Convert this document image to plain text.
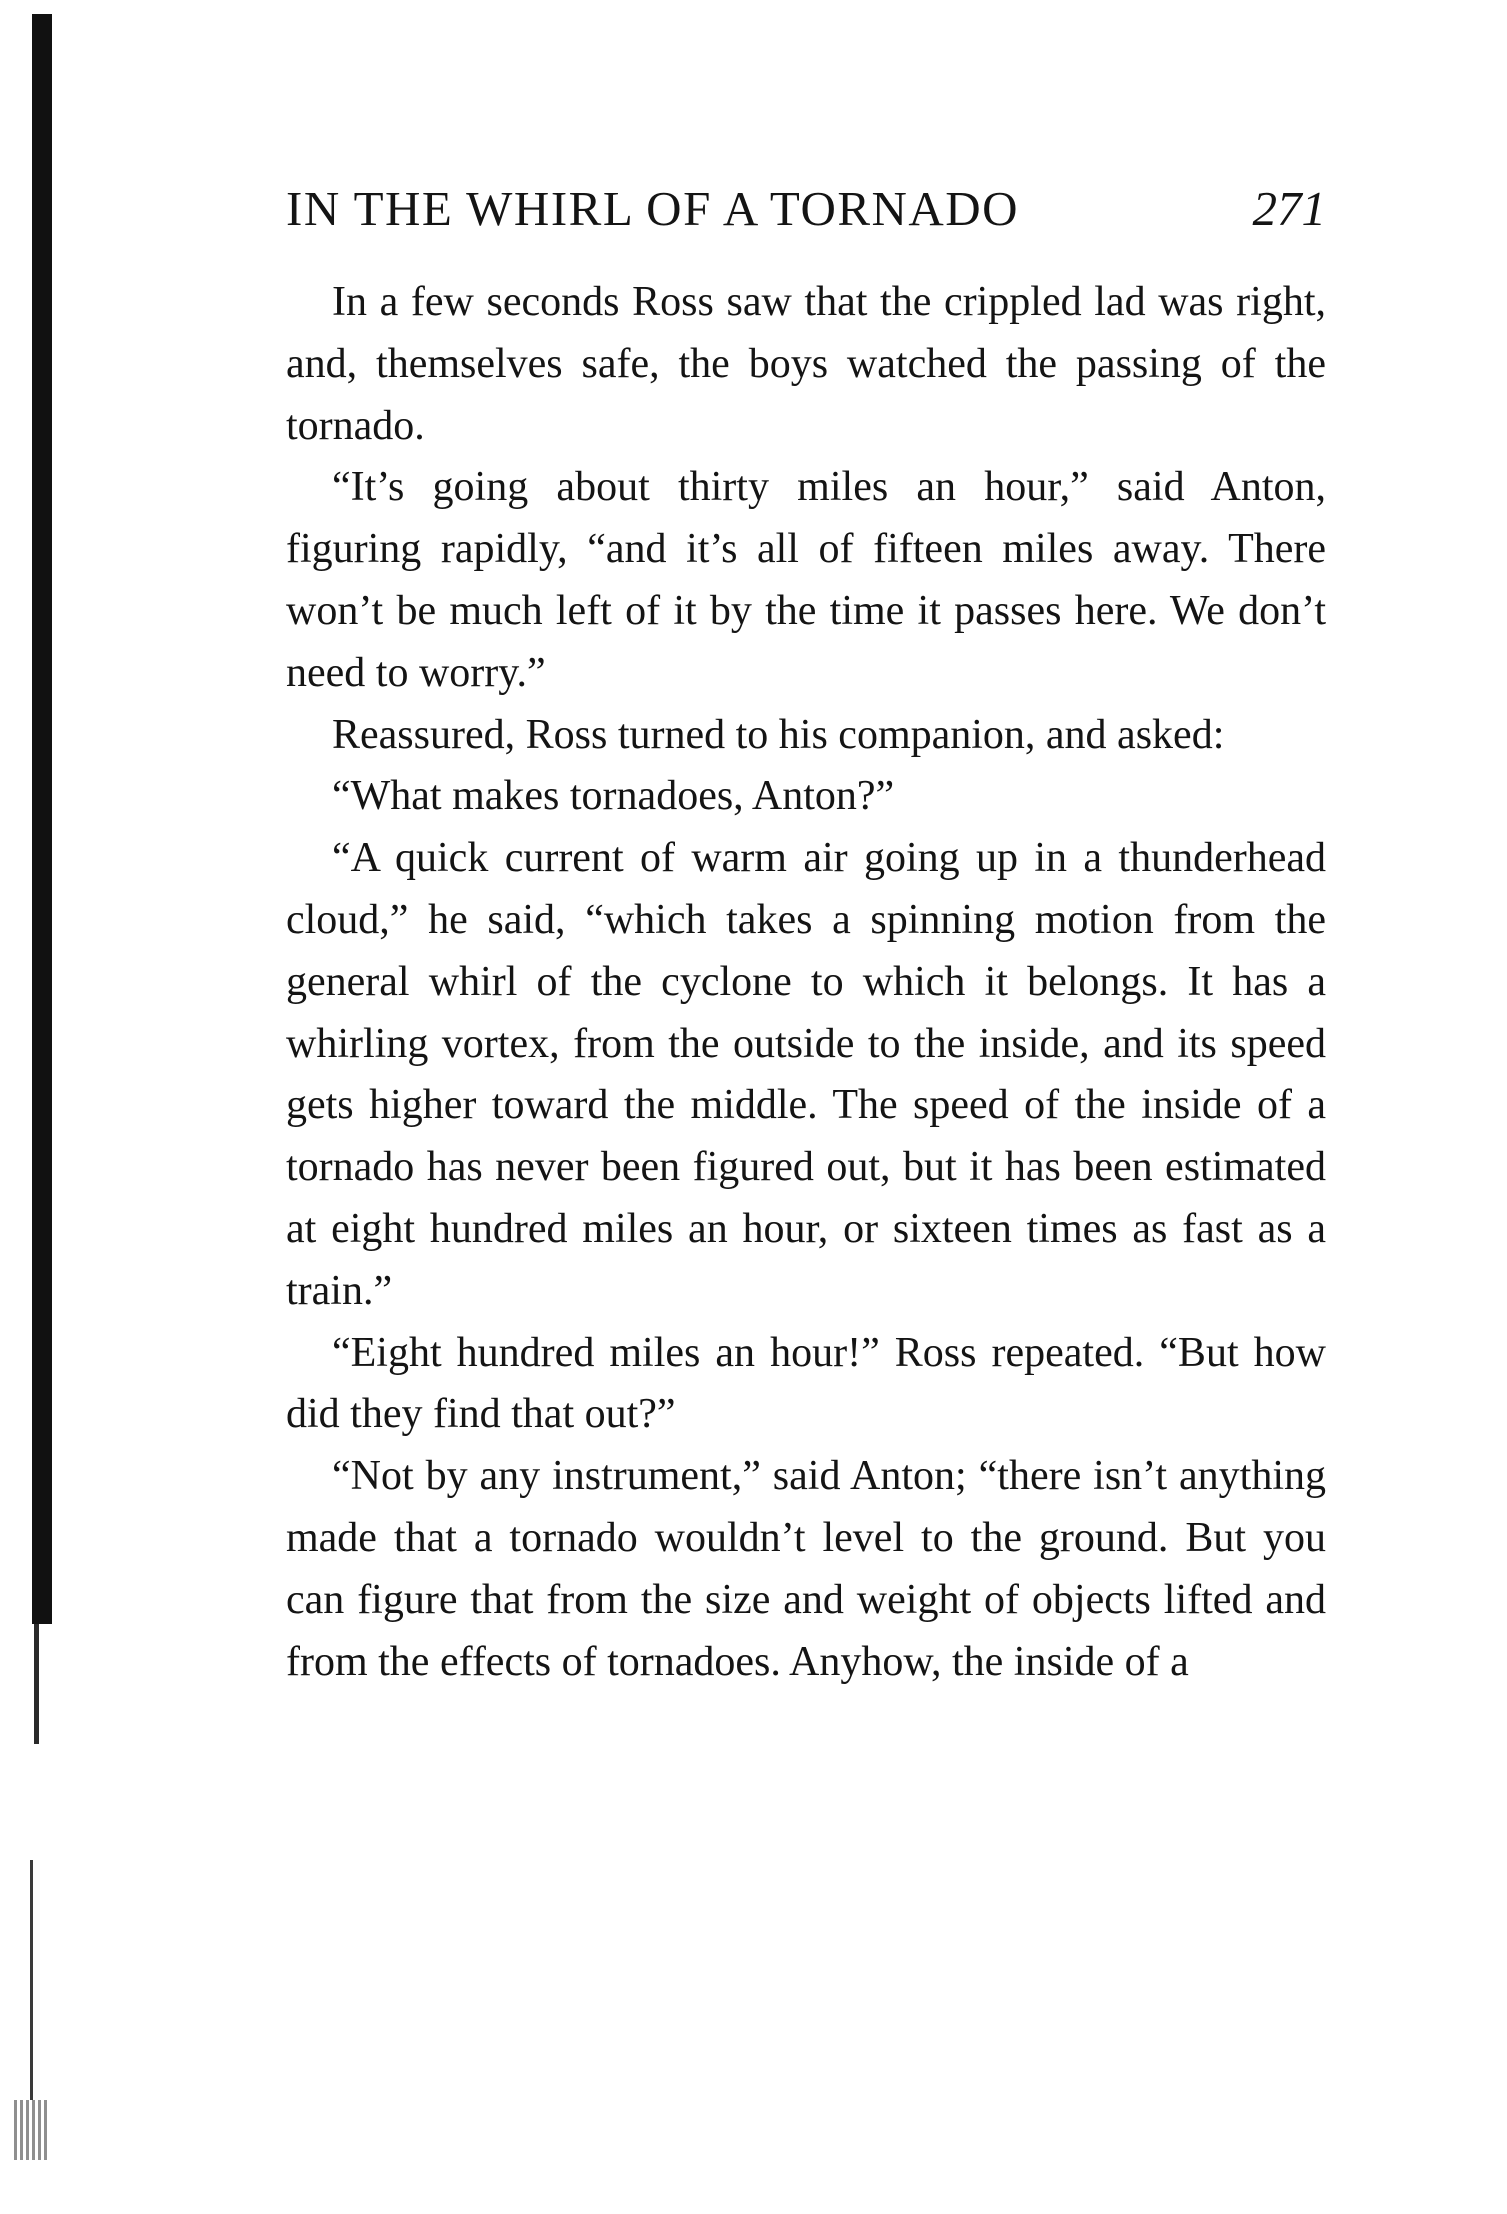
IN THE WHIRL OF A TORNADO	271

In a few seconds Ross saw that the crippled lad was right, and, themselves safe, the boys watched the passing of the tornado.

“It’s going about thirty miles an hour,” said Anton, figuring rapidly, “and it’s all of fifteen miles away. There won’t be much left of it by the time it passes here. We don’t need to worry.”

Reassured, Ross turned to his companion, and asked:

“What makes tornadoes, Anton?”

“A quick current of warm air going up in a thunderhead cloud,” he said, “which takes a spinning motion from the general whirl of the cyclone to which it belongs. It has a whirling vortex, from the outside to the inside, and its speed gets higher toward the middle. The speed of the inside of a tornado has never been figured out, but it has been estimated at eight hundred miles an hour, or sixteen times as fast as a train.”

“Eight hundred miles an hour!” Ross repeated. “But how did they find that out?”

“Not by any instrument,” said Anton; “there isn’t anything made that a tornado wouldn’t level to the ground. But you can figure that from the size and weight of objects lifted and from the effects of tornadoes. Anyhow, the inside of a
